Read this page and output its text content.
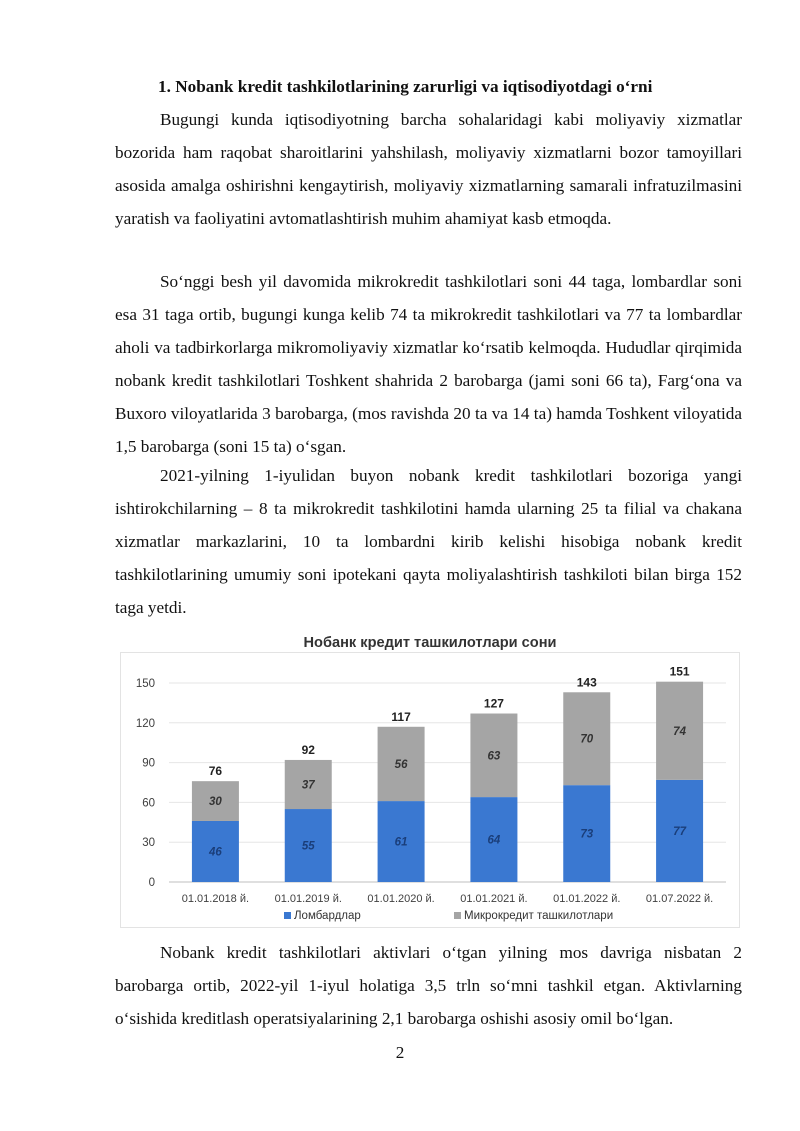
1. Nobank kredit tashkilotlarining zarurligi va iqtisodiyotdagi oʻrni

Bugungi kunda iqtisodiyotning barcha sohalaridagi kabi moliyaviy xizmatlar bozorida ham raqobat sharoitlarini yahshilash, moliyaviy xizmatlarni bozor tamoyillari asosida amalga oshirishni kengaytirish, moliyaviy xizmatlarning samarali infratuzilmasini yaratish va faoliyatini avtomatlashtirish muhim ahamiyat kasb etmoqda.

Soʻnggi besh yil davomida mikrokredit tashkilotlari soni 44 taga, lombardlar soni esa 31 taga ortib, bugungi kunga kelib 74 ta mikrokredit tashkilotlari va 77 ta lombardlar aholi va tadbirkorlarga mikromoliyaviy xizmatlar koʻrsatib kelmoqda. Hududlar qirqimida nobank kredit tashkilotlari Toshkent shahrida 2 barobarga (jami soni 66 ta), Fargʻona va Buxoro viloyatlarida 3 barobarga, (mos ravishda 20 ta va 14 ta) hamda Toshkent viloyatida 1,5 barobarga (soni 15 ta) oʻsgan.

2021-yilning 1-iyulidan buyon nobank kredit tashkilotlari bozoriga yangi ishtirokchilarning – 8 ta mikrokredit tashkilotini hamda ularning 25 ta filial va chakana xizmatlar markazlarini, 10 ta lombardni kirib kelishi hisobiga nobank kredit tashkilotlarining umumiy soni ipotekani qayta moliyalashtirish tashkiloti bilan birga 152 taga yetdi.

Нобанк кредит ташкилотлари сони
0
30
60
90
120
150
46
30
76
01.01.2018 й.
55
37
92
01.01.2019 й.
61
56
117
01.01.2020 й.
64
63
127
01.01.2021 й.
73
70
143
01.01.2022 й.
77
74
151
01.07.2022 й.
Ломбардлар	Микрокредит ташкилотлари

Nobank kredit tashkilotlari aktivlari oʻtgan yilning mos davriga nisbatan 2 barobarga ortib, 2022-yil 1-iyul holatiga 3,5 trln soʻmni tashkil etgan. Aktivlarning oʻsishida kreditlash operatsiyalarining 2,1 barobarga oshishi asosiy omil boʻlgan.

2
